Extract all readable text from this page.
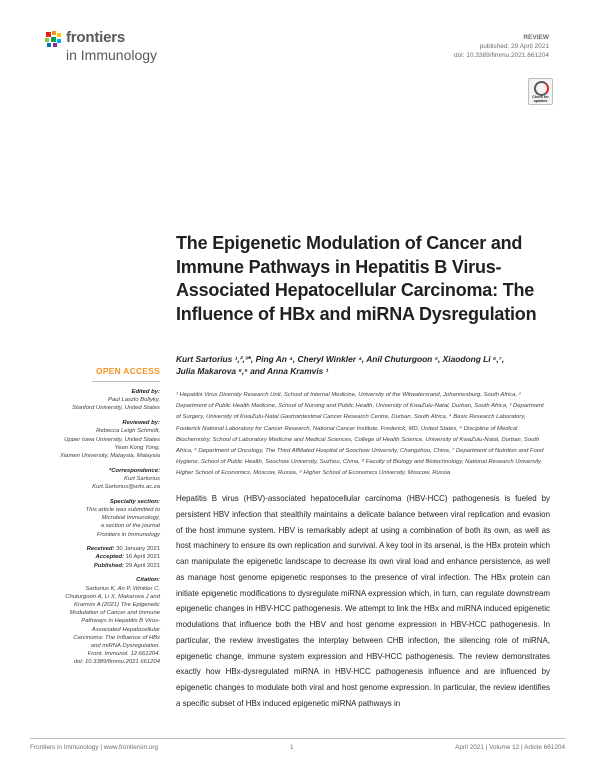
frontiers
in Immunology
REVIEW
published: 29 April 2021
doi: 10.3389/fimmu.2021.661204
Check for
updates
The Epigenetic Modulation of Cancer and Immune Pathways in Hepatitis B Virus-Associated Hepatocellular Carcinoma: The Influence of HBx and miRNA Dysregulation
Kurt Sartorius ¹,²,³*, Ping An ⁴, Cheryl Winkler ⁴, Anil Chuturgoon ⁵, Xiaodong Li ⁶,⁷,
Julia Makarova ⁸,⁹ and Anna Kramvis ¹
OPEN ACCESS
¹ Hepatitis Virus Diversity Research Unit, School of Internal Medicine, University of the Witwatersrand, Johannesburg, South Africa, ² Department of Public Health Medicine, School of Nursing and Public Health, University of KwaZulu-Natal, Durban, South Africa, ³ Department of Surgery, University of KwaZulu-Natal Gastrointestinal Cancer Research Centre, Durban, South Africa, ⁴ Basic Research Laboratory, Frederick National Laboratory for Cancer Research, National Cancer Institute, Frederick, MD, United States, ⁵ Discipline of Medical Biochemistry, School of Laboratory Medicine and Medical Sciences, College of Health Science, University of KwaZulu-Natal, Durban, South Africa, ⁶ Department of Oncology, The Third Affiliated Hospital of Soochow University, Changzhou, China, ⁷ Department of Nutrition and Food Hygiene, School of Public Health, Soochow University, Suzhou, China, ⁸ Faculty of Biology and Biotechnology, National Research University Higher School of Economics, Moscow, Russia, ⁹ Higher School of Economics University, Moscow, Russia
Edited by:
Paul Laszlo Bollyky,
Stanford University, United States
Reviewed by:
Rebecca Leigh Schmidt,
Upper Iowa University, United States
Yean Kong Yong,
Xiamen University, Malaysia, Malaysia
*Correspondence:
Kurt Sartorius
Kurt.Sartorius@wits.ac.za
Specialty section:
This article was submitted to
Microbial Immunology,
a section of the journal
Frontiers in Immunology
Received: 30 January 2021
Accepted: 16 April 2021
Published: 29 April 2021
Citation:
Sartorius K, An P, Winkler C,
Chuturgoon A, Li X, Makarova J and
Kramvis A (2021) The Epigenetic
Modulation of Cancer and Immune
Pathways in Hepatitis B Virus-
Associated Hepatocellular
Carcinoma: The Influence of HBx
and miRNA Dysregulation.
Front. Immunol. 12:661204.
doi: 10.3389/fimmu.2021.661204

Hepatitis B virus (HBV)-associated hepatocellular carcinoma (HBV-HCC) pathogenesis is fueled by persistent HBV infection that stealthily maintains a delicate balance between viral replication and evasion of the host immune system. HBV is remarkably adept at using a combination of both its own, as well as host machinery to ensure its own replication and survival. A key tool in its arsenal, is the HBx protein which can manipulate the epigenetic landscape to decrease its own viral load and enhance persistence, as well as manage host genome epigenetic responses to the presence of viral infection. The HBx protein can initiate epigenetic modifications to dysregulate miRNA expression which, in turn, can regulate downstream epigenetic changes in HBV-HCC pathogenesis. We attempt to link the HBx and miRNA induced epigenetic modulations that influence both the HBV and host genome expression in HBV-HCC pathogenesis. In particular, the review investigates the interplay between CHB infection, the silencing role of miRNA, epigenetic change, immune system expression and HBV-HCC pathogenesis. The review demonstrates exactly how HBx-dysregulated miRNA in HBV-HCC pathogenesis influence and are influenced by epigenetic changes to modulate both viral and host genome expression. In particular, the review identifies a specific subset of HBx induced epigenetic miRNA pathways in

Frontiers in Immunology | www.frontiersin.org	1	April 2021 | Volume 12 | Article 661204
